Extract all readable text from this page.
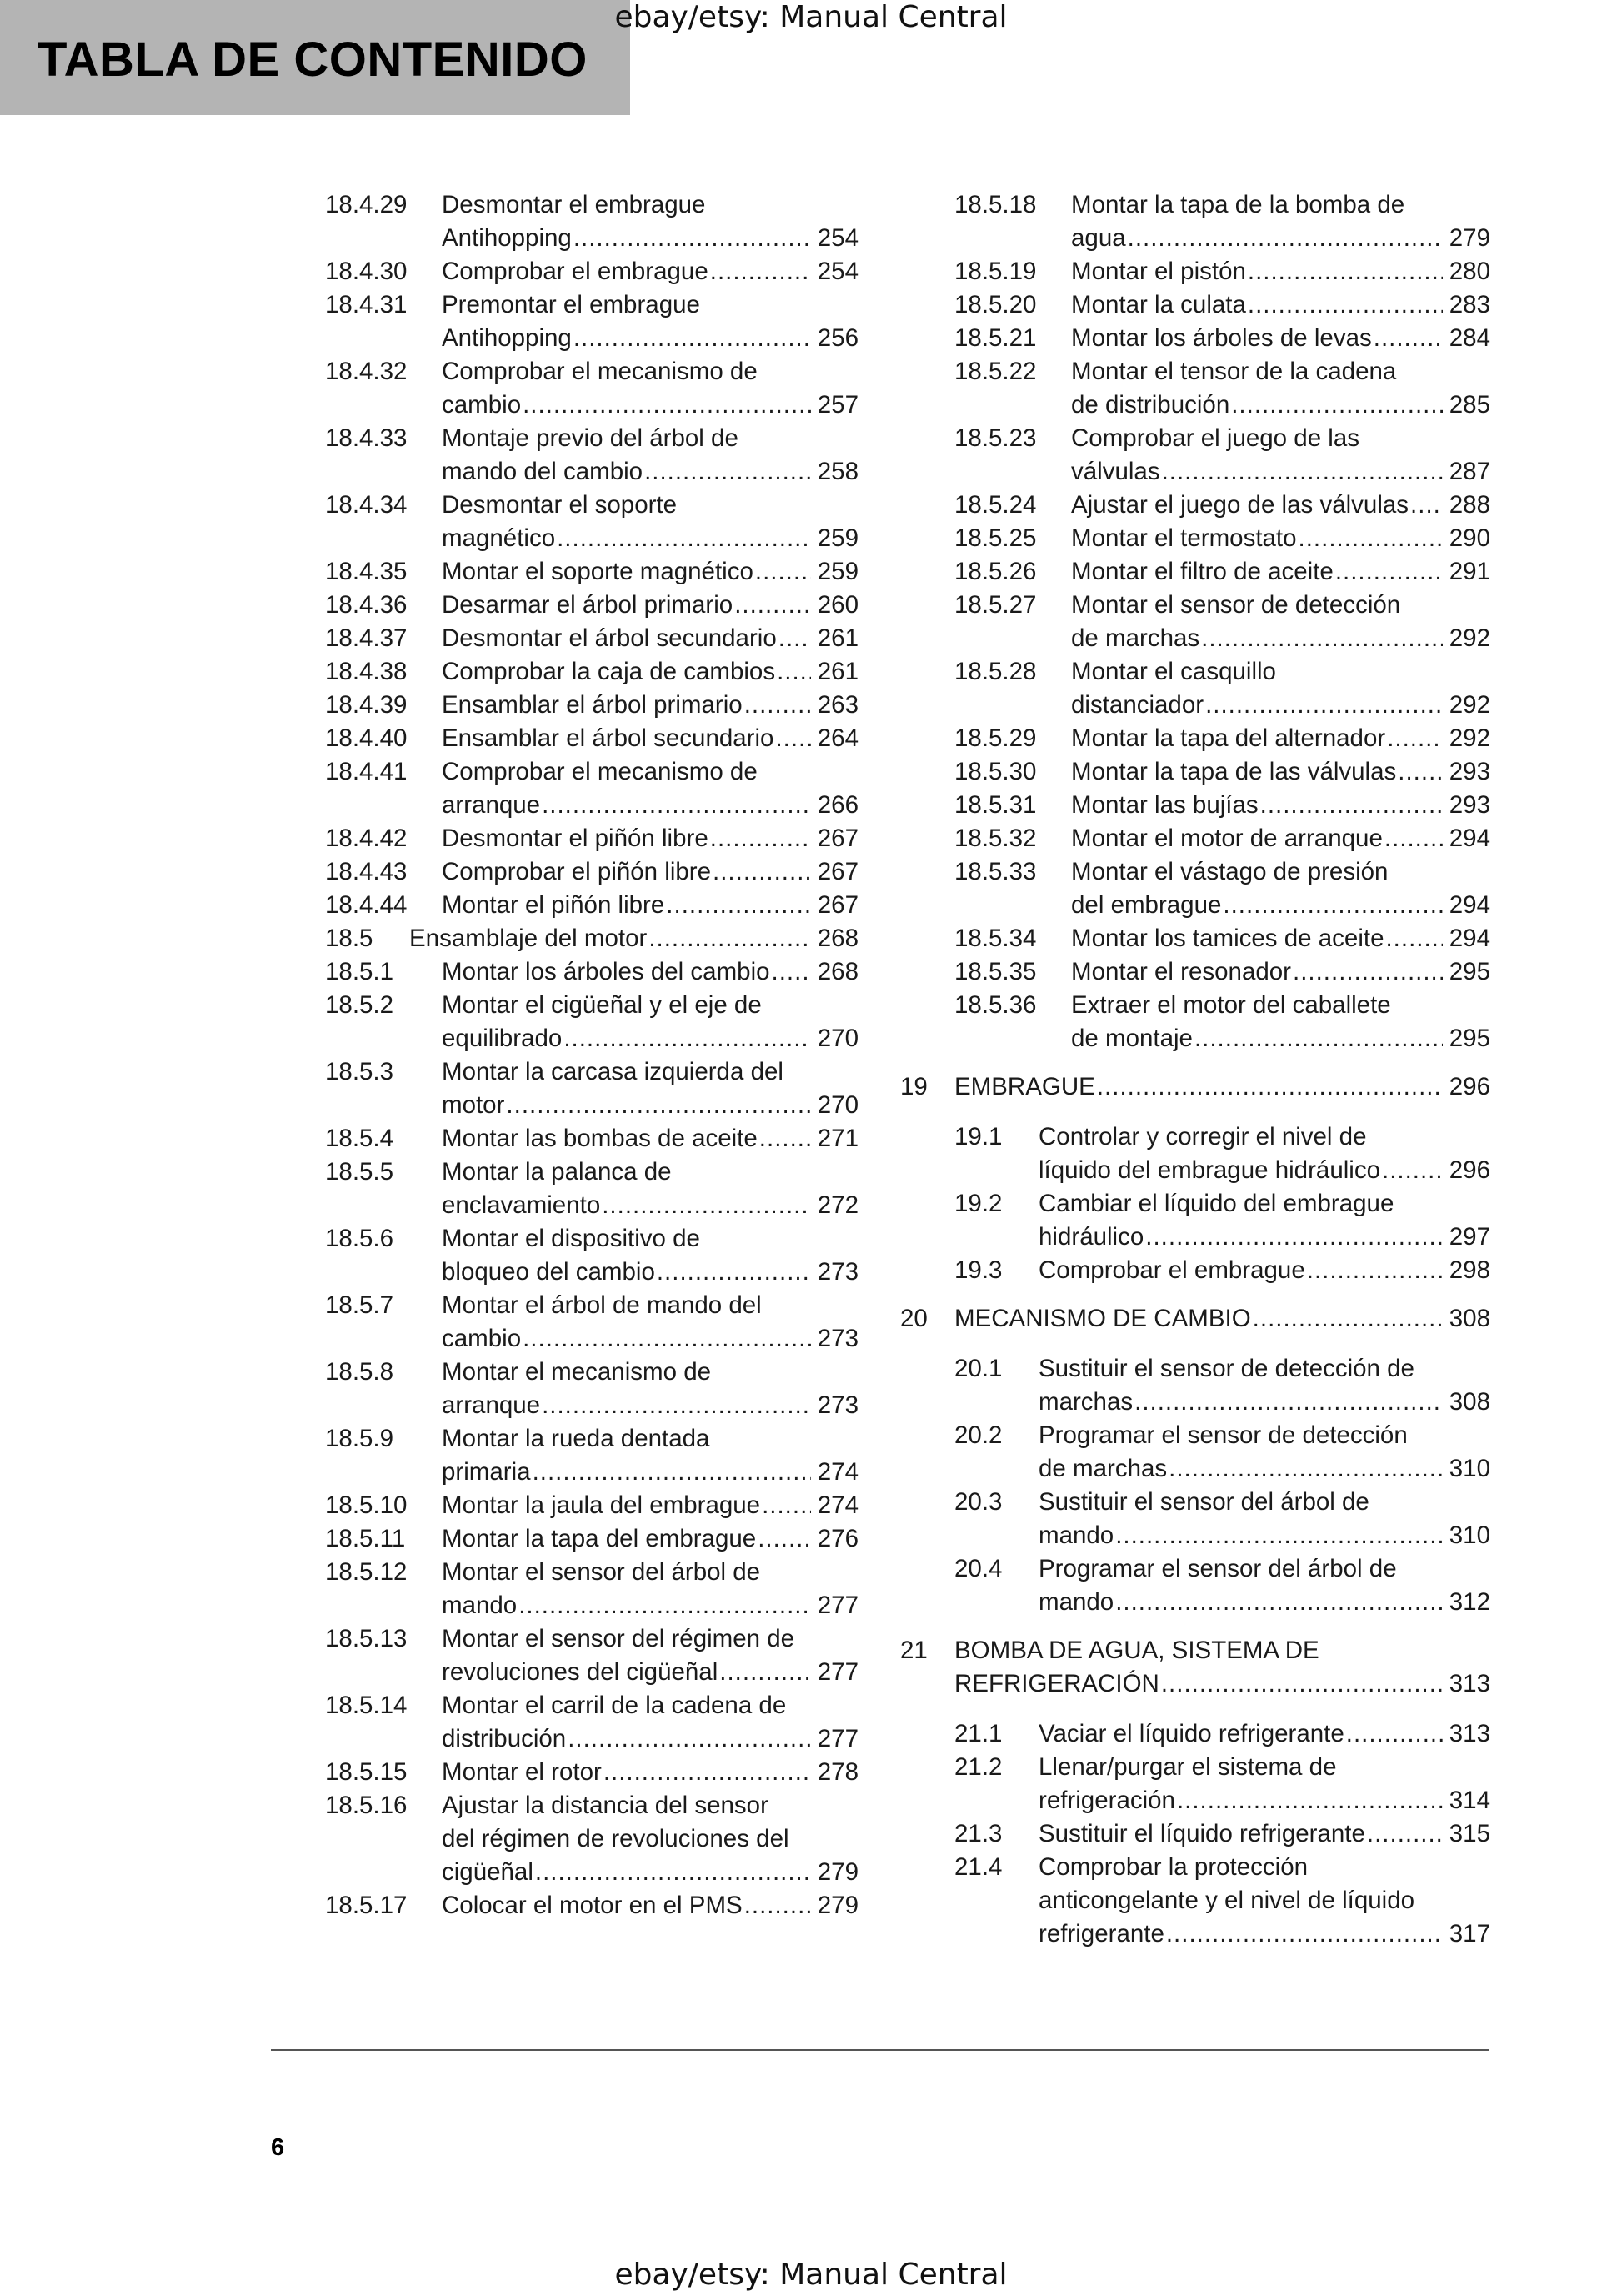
TABLA DE CONTENIDO
ebay/etsy: Manual Central
18.4.29	Desmontar el embrague
Antihopping .....	254
18.4.30	Comprobar el embrague .....	254
18.4.31	Premontar el embrague
Antihopping .....	256
18.4.32	Comprobar el mecanismo de
cambio .....	257
18.4.33	Montaje previo del árbol de
mando del cambio .....	258
18.4.34	Desmontar el soporte
magnético .....	259
18.4.35	Montar el soporte magnético .....	259
18.4.36	Desarmar el árbol primario .....	260
18.4.37	Desmontar el árbol secundario ..... 261
18.4.38	Comprobar la caja de cambios ..... 261
18.4.39	Ensamblar el árbol primario .....	263
18.4.40	Ensamblar el árbol secundario ..... 264
18.4.41	Comprobar el mecanismo de
arranque .....	266
18.4.42	Desmontar el piñón libre .....	267
18.4.43	Comprobar el piñón libre .....	267
18.4.44	Montar el piñón libre .....	267
18.5	Ensamblaje del motor .....	268
18.5.1	Montar los árboles del cambio ..... 268
18.5.2	Montar el cigüeñal y el eje de
equilibrado .....	270
18.5.3	Montar la carcasa izquierda del
motor .....	270
18.5.4	Montar las bombas de aceite ..... 271
18.5.5	Montar la palanca de
enclavamiento .....	272
18.5.6	Montar el dispositivo de
bloqueo del cambio .....	273
18.5.7	Montar el árbol de mando del
cambio .....	273
18.5.8	Montar el mecanismo de
arranque .....	273
18.5.9	Montar la rueda dentada
primaria .....	274
18.5.10	Montar la jaula del embrague ..... 274
18.5.11	Montar la tapa del embrague ..... 276
18.5.12	Montar el sensor del árbol de
mando .....	277
18.5.13	Montar el sensor del régimen de
revoluciones del cigüeñal .....	277
18.5.14	Montar el carril de la cadena de
distribución .....	277
18.5.15	Montar el rotor .....	278
18.5.16	Ajustar la distancia del sensor
del régimen de revoluciones del
cigüeñal .....	279
18.5.17	Colocar el motor en el PMS .....	279
18.5.18	Montar la tapa de la bomba de
agua .....	279
18.5.19	Montar el pistón .....	280
18.5.20	Montar la culata .....	283
18.5.21	Montar los árboles de levas .....	284
18.5.22	Montar el tensor de la cadena
de distribución .....	285
18.5.23	Comprobar el juego de las
válvulas .....	287
18.5.24	Ajustar el juego de las válvulas ..... 288
18.5.25	Montar el termostato .....	290
18.5.26	Montar el filtro de aceite .....	291
18.5.27	Montar el sensor de detección
de marchas .....	292
18.5.28	Montar el casquillo
distanciador .....	292
18.5.29	Montar la tapa del alternador .....	292
18.5.30	Montar la tapa de las válvulas ..... 293
18.5.31	Montar las bujías .....	293
18.5.32	Montar el motor de arranque .....	294
18.5.33	Montar el vástago de presión
del embrague .....	294
18.5.34	Montar los tamices de aceite .....	294
18.5.35	Montar el resonador .....	295
18.5.36	Extraer el motor del caballete
de montaje .....	295
19	EMBRAGUE .....	296
19.1	Controlar y corregir el nivel de
líquido del embrague hidráulico .....	296
19.2	Cambiar el líquido del embrague
hidráulico .....	297
19.3	Comprobar el embrague .....	298
20	MECANISMO DE CAMBIO .....	308
20.1	Sustituir el sensor de detección de
marchas .....	308
20.2	Programar el sensor de detección
de marchas .....	310
20.3	Sustituir el sensor del árbol de
mando .....	310
20.4	Programar el sensor del árbol de
mando .....	312
21	BOMBA DE AGUA, SISTEMA DE
REFRIGERACIÓN .....	313
21.1	Vaciar el líquido refrigerante .....	313
21.2	Llenar/purgar el sistema de
refrigeración .....	314
21.3	Sustituir el líquido refrigerante .....	315
21.4	Comprobar la protección
anticongelante y el nivel de líquido
refrigerante .....	317
6
ebay/etsy: Manual Central
